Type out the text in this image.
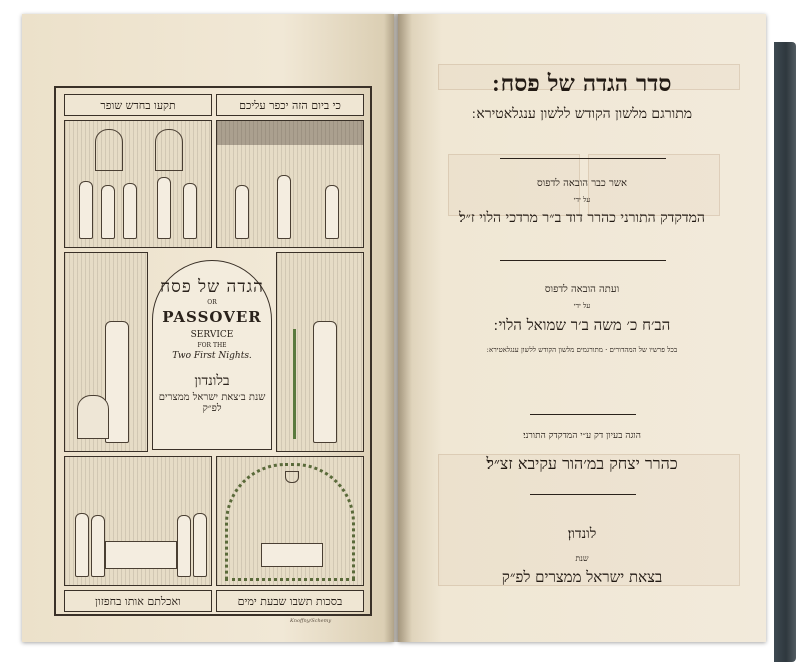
כי ביום הזה יכפר עליכם
תקעו בחדש שופר
הגדה של פסח
OR
PASSOVER
SERVICE
FOR THE
Two First Nights.
בלונדון
שנת ב׳צאת ישראל ממצרים לפ״ק
בסכות תשבו שבעת ימים
ואכלתם אותו בחפזון
Knoffny/Schemy
סדר הגדה של פסח ׃
מתורגם מלשון הקודש ללשון ענגלאטירא ׃
אשר כבר הובאה לדפוס
על ידי
המדקדק התורני כהרר דוד ב״ר מרדכי הלוי ז״ל׃
ועתה הובאה לדפוס
על ידי
הב׳ח כ׳ משה ב׳ר שמואל הלוי ׃
בכל פרשיו של המהדורים · מתורגמים מלשון הקודש ללשון ענגלאטירא ׃
הוגה בעיון דק ע״י המדקדק התורני׃
כהרר יצחק במ׳הור עקיבא זצ״ל׃
לונדון׃
שנת
בצאת ישראל ממצרים לפ״ק
